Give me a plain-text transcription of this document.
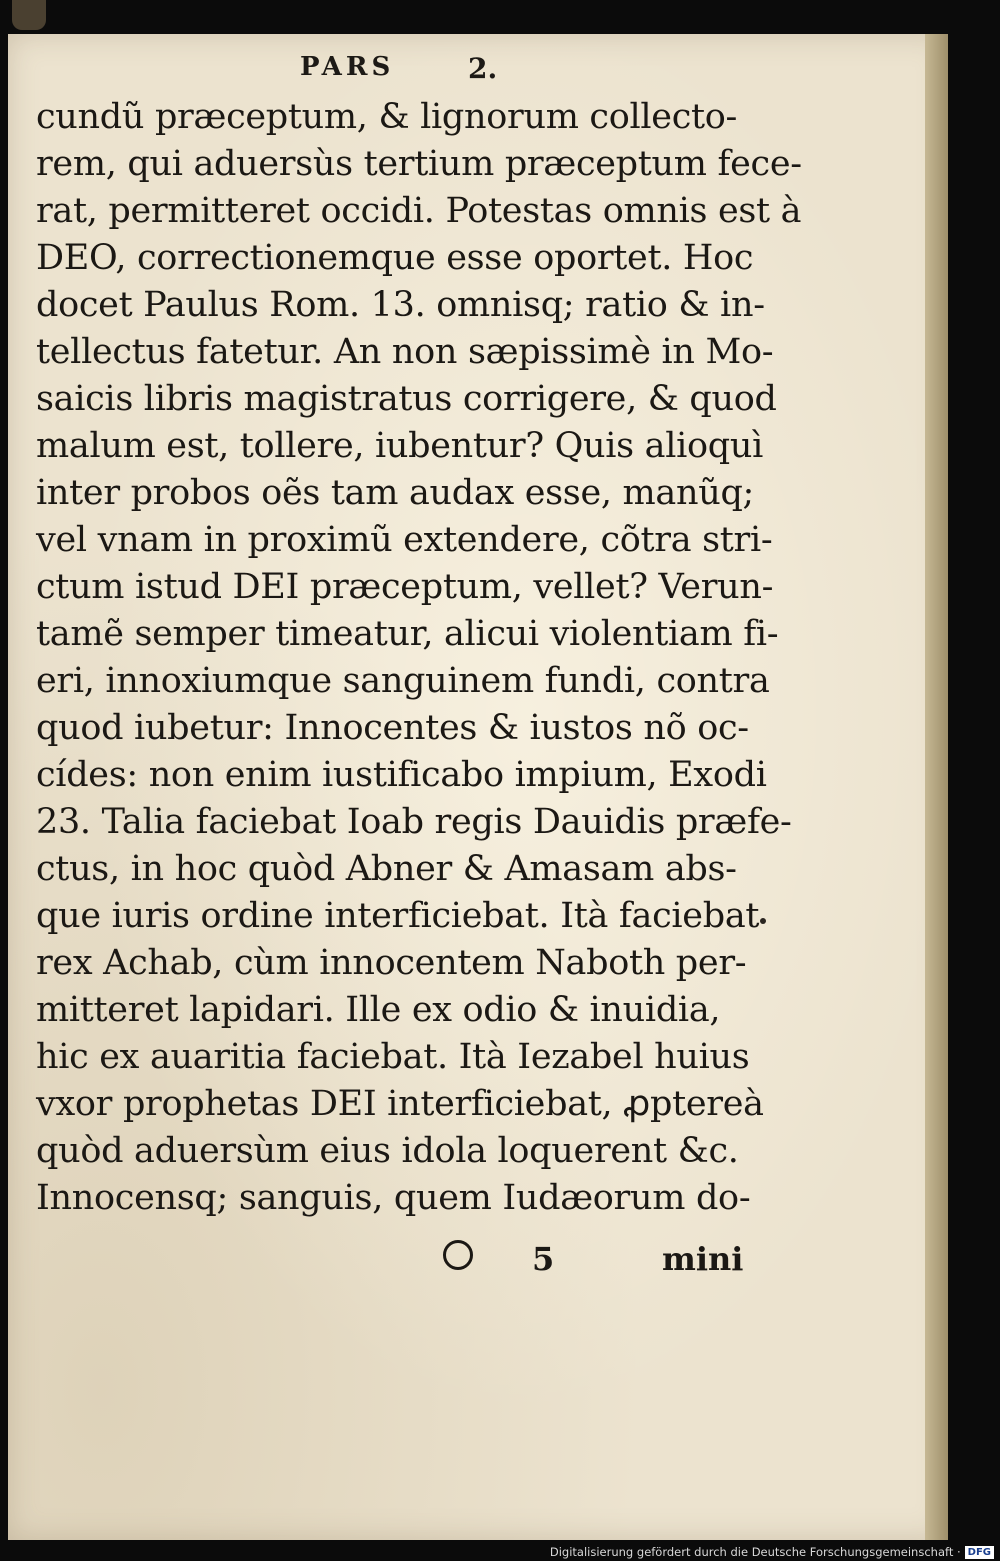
PARS	2.
cundũ præceptum, & lignorum collecto-
rem, qui aduersùs tertium præceptum fece-
rat, permitteret occidi. Potestas omnis est à
DEO, correctionemque esse oportet. Hoc
docet Paulus Rom. 13. omnisq; ratio & in-
tellectus fatetur. An non sæpissimè in Mo-
saicis libris magistratus corrigere, & quod
malum est, tollere, iubentur? Quis alioquì
inter probos oẽs tam audax esse, manũq;
vel vnam in proximũ extendere, cõtra stri-
ctum istud DEI præceptum, vellet? Verun-
tamẽ semper timeatur, alicui violentiam fi-
eri, innoxiumque sanguinem fundi, contra
quod iubetur: Innocentes & iustos nõ oc-
cídes: non enim iustificabo impium, Exodi
23. Talia faciebat Ioab regis Dauidis præfe-
ctus, in hoc quòd Abner & Amasam abs-
que iuris ordine interficiebat. Ità faciebat
rex Achab, cùm innocentem Naboth per-
mitteret lapidari. Ille ex odio & inuidia,
hic ex auaritia faciebat. Ità Iezabel huius
vxor prophetas DEI interficiebat, ꝓpterеà
quòd aduersùm eius idola loquerent &c.
Innocensq; sanguis, quem Iudæorum do-
5	mini
Digitalisierung gefördert durch die Deutsche Forschungsgemeinschaft · DFG
